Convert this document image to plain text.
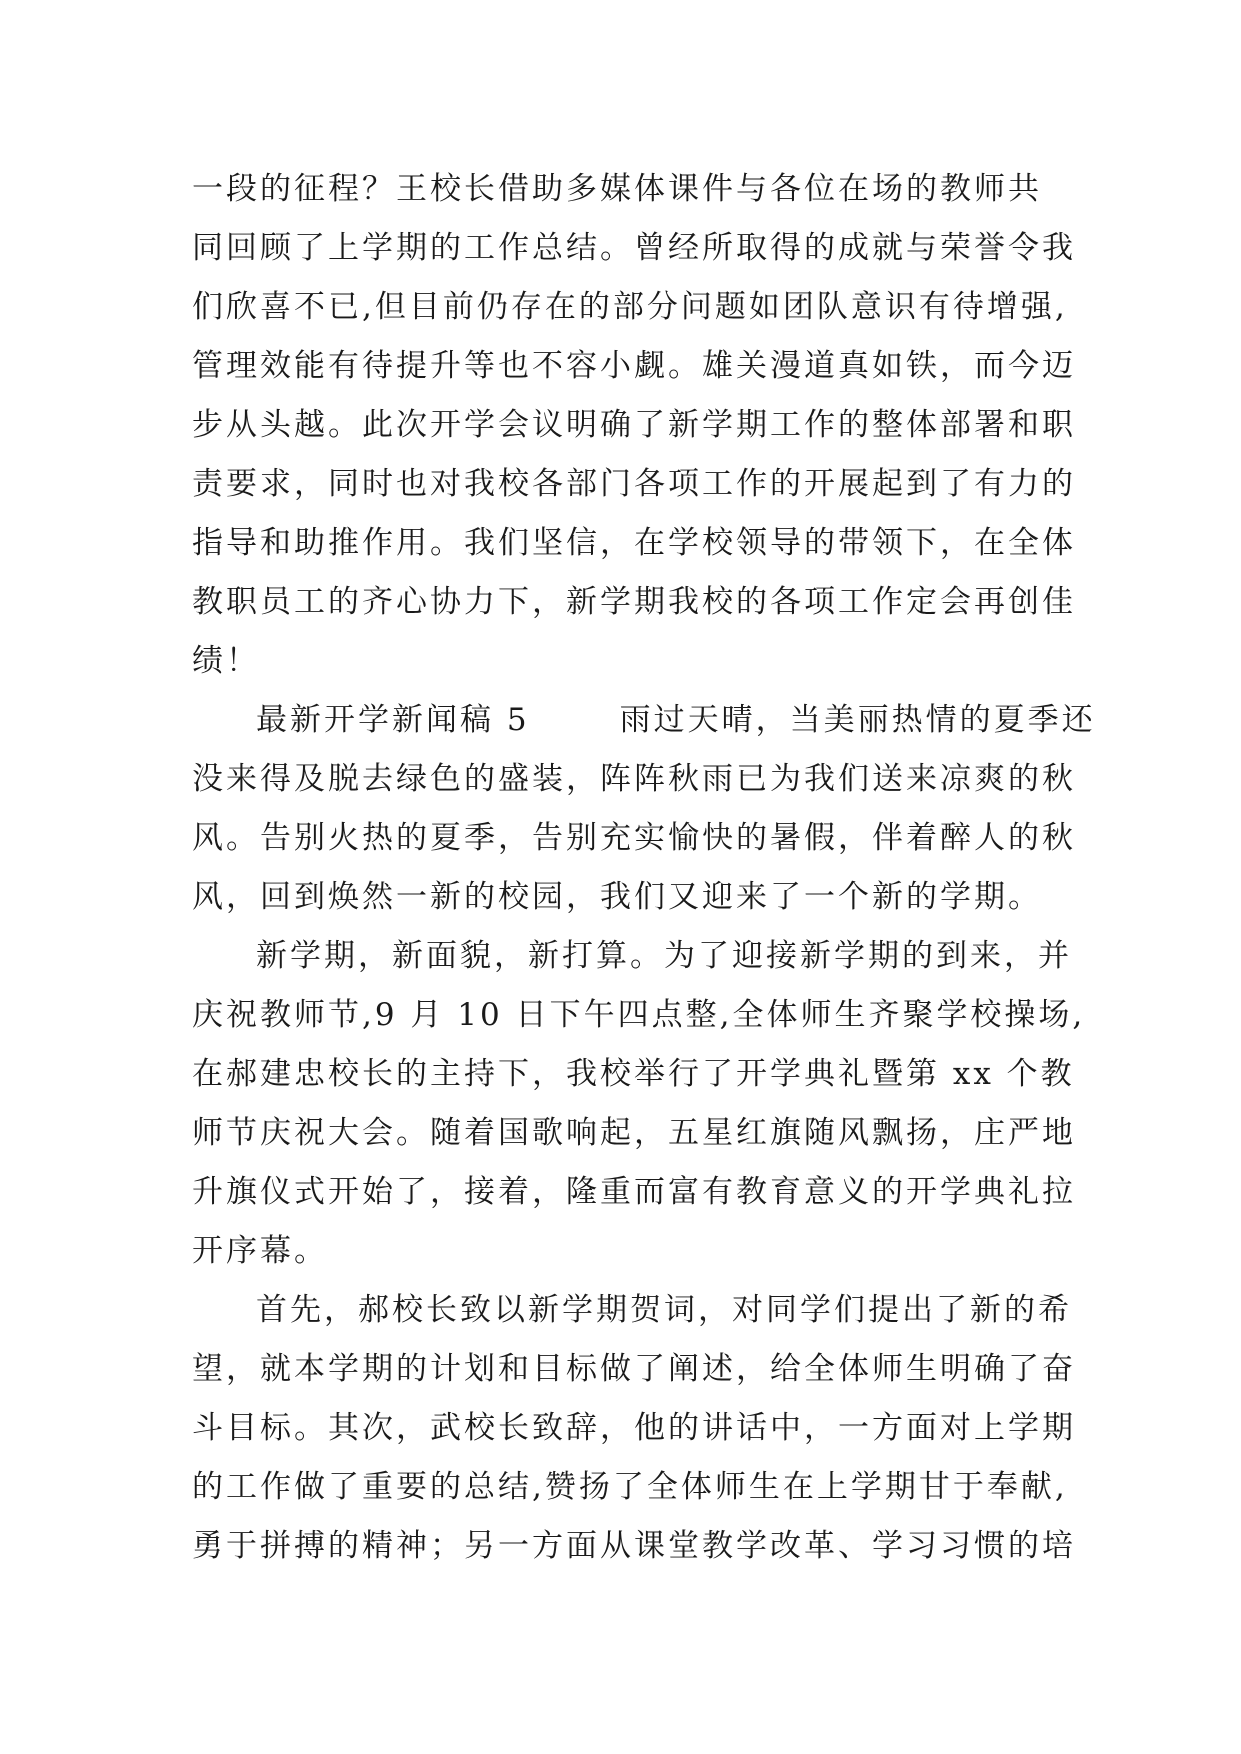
一段的征程？王校长借助多媒体课件与各位在场的教师共
同回顾了上学期的工作总结。曾经所取得的成就与荣誉令我
们欣喜不已,但目前仍存在的部分问题如团队意识有待增强,
管理效能有待提升等也不容小觑。雄关漫道真如铁，而今迈
步从头越。此次开学会议明确了新学期工作的整体部署和职
责要求，同时也对我校各部门各项工作的开展起到了有力的
指导和助推作用。我们坚信，在学校领导的带领下，在全体
教职员工的齐心协力下，新学期我校的各项工作定会再创佳
绩！
最新开学新闻稿 5	雨过天晴，当美丽热情的夏季还
没来得及脱去绿色的盛装，阵阵秋雨已为我们送来凉爽的秋
风。告别火热的夏季，告别充实愉快的暑假，伴着醉人的秋
风，回到焕然一新的校园，我们又迎来了一个新的学期。
新学期，新面貌，新打算。为了迎接新学期的到来，并
庆祝教师节,9 月 10 日下午四点整,全体师生齐聚学校操场,
在郝建忠校长的主持下，我校举行了开学典礼暨第 xx 个教
师节庆祝大会。随着国歌响起，五星红旗随风飘扬，庄严地
升旗仪式开始了，接着，隆重而富有教育意义的开学典礼拉
开序幕。
首先，郝校长致以新学期贺词，对同学们提出了新的希
望，就本学期的计划和目标做了阐述，给全体师生明确了奋
斗目标。其次，武校长致辞，他的讲话中，一方面对上学期
的工作做了重要的总结,赞扬了全体师生在上学期甘于奉献,
勇于拼搏的精神；另一方面从课堂教学改革、学习习惯的培
